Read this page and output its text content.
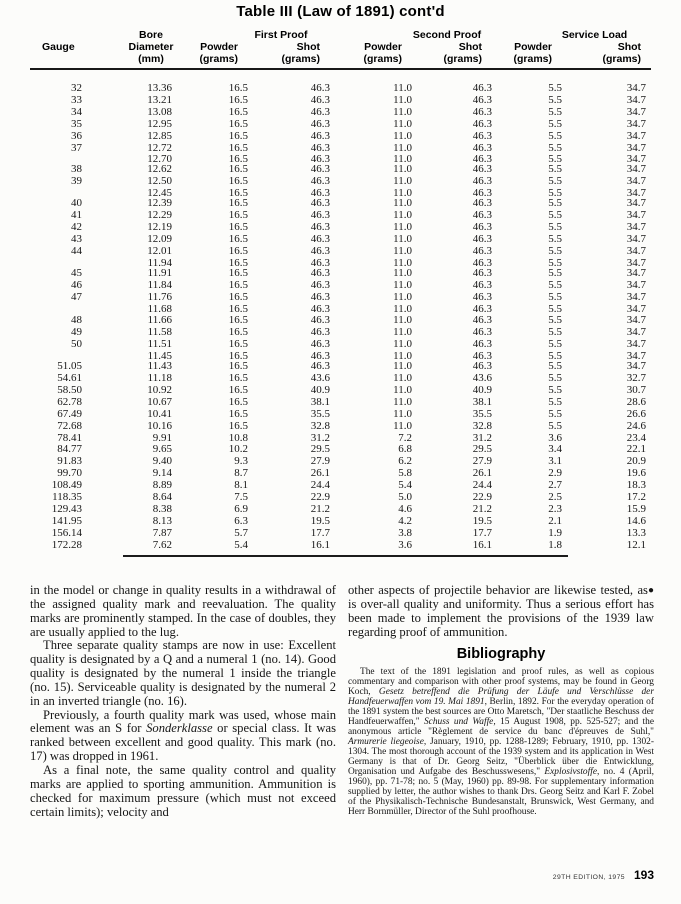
Table III (Law of 1891) cont'd
	Bore	First Proof	Second Proof	Service Load
Gauge	Diameter	Powder	Shot	Powder	Shot	Powder	Shot
	(mm)	(grams)	(grams)	(grams)	(grams)	(grams)	(grams)
32	13.36	16.5	46.3	11.0	46.3	5.5	34.7
33	13.21	16.5	46.3	11.0	46.3	5.5	34.7
34	13.08	16.5	46.3	11.0	46.3	5.5	34.7
35	12.95	16.5	46.3	11.0	46.3	5.5	34.7
36	12.85	16.5	46.3	11.0	46.3	5.5	34.7
37	12.72	16.5	46.3	11.0	46.3	5.5	34.7
	12.70	16.5	46.3	11.0	46.3	5.5	34.7
38	12.62	16.5	46.3	11.0	46.3	5.5	34.7
39	12.50	16.5	46.3	11.0	46.3	5.5	34.7
	12.45	16.5	46.3	11.0	46.3	5.5	34.7
40	12.39	16.5	46.3	11.0	46.3	5.5	34.7
41	12.29	16.5	46.3	11.0	46.3	5.5	34.7
42	12.19	16.5	46.3	11.0	46.3	5.5	34.7
43	12.09	16.5	46.3	11.0	46.3	5.5	34.7
44	12.01	16.5	46.3	11.0	46.3	5.5	34.7
	11.94	16.5	46.3	11.0	46.3	5.5	34.7
45	11.91	16.5	46.3	11.0	46.3	5.5	34.7
46	11.84	16.5	46.3	11.0	46.3	5.5	34.7
47	11.76	16.5	46.3	11.0	46.3	5.5	34.7
	11.68	16.5	46.3	11.0	46.3	5.5	34.7
48	11.66	16.5	46.3	11.0	46.3	5.5	34.7
49	11.58	16.5	46.3	11.0	46.3	5.5	34.7
50	11.51	16.5	46.3	11.0	46.3	5.5	34.7
	11.45	16.5	46.3	11.0	46.3	5.5	34.7
51.05	11.43	16.5	46.3	11.0	46.3	5.5	34.7
54.61	11.18	16.5	43.6	11.0	43.6	5.5	32.7
58.50	10.92	16.5	40.9	11.0	40.9	5.5	30.7
62.78	10.67	16.5	38.1	11.0	38.1	5.5	28.6
67.49	10.41	16.5	35.5	11.0	35.5	5.5	26.6
72.68	10.16	16.5	32.8	11.0	32.8	5.5	24.6
78.41	9.91	10.8	31.2	7.2	31.2	3.6	23.4
84.77	9.65	10.2	29.5	6.8	29.5	3.4	22.1
91.83	9.40	9.3	27.9	6.2	27.9	3.1	20.9
99.70	9.14	8.7	26.1	5.8	26.1	2.9	19.6
108.49	8.89	8.1	24.4	5.4	24.4	2.7	18.3
118.35	8.64	7.5	22.9	5.0	22.9	2.5	17.2
129.43	8.38	6.9	21.2	4.6	21.2	2.3	15.9
141.95	8.13	6.3	19.5	4.2	19.5	2.1	14.6
156.14	7.87	5.7	17.7	3.8	17.7	1.9	13.3
172.28	7.62	5.4	16.1	3.6	16.1	1.8	12.1

in the model or change in quality results in a withdrawal of the assigned quality mark and reevaluation. The quality marks are prominently stamped. In the case of doubles, they are usually applied to the lug.

Three separate quality stamps are now in use: Excellent quality is designated by a Q and a numeral 1 (no. 14). Good quality is designated by the numeral 1 inside the triangle (no. 15). Serviceable quality is designated by the numeral 2 in an inverted triangle (no. 16).

Previously, a fourth quality mark was used, whose main element was an S for Sonderklasse or special class. It was ranked between excellent and good quality. This mark (no. 17) was dropped in 1961.

As a final note, the same quality control and quality marks are applied to sporting ammunition. Ammunition is checked for maximum pressure (which must not exceed certain limits); velocity and

●
other aspects of projectile behavior are likewise tested, as is over-all quality and uniformity. Thus a serious effort has been made to implement the provisions of the 1939 law regarding proof of ammunition.

Bibliography

The text of the 1891 legislation and proof rules, as well as copious commentary and comparison with other proof systems, may be found in Georg Koch, Gesetz betreffend die Prüfung der Läufe und Verschlüsse der Handfeuerwaffen vom 19. Mai 1891, Berlin, 1892. For the everyday operation of the 1891 system the best sources are Otto Maretsch, "Der staatliche Beschuss der Handfeuerwaffen," Schuss und Waffe, 15 August 1908, pp. 525-527; and the anonymous article "Règlement de service du banc d'épreuves de Suhl," Armurerie liegeoise, January, 1910, pp. 1288-1289; February, 1910, pp. 1302-1304. The most thorough account of the 1939 system and its application in West Germany is that of Dr. Georg Seitz, "Überblick über die Entwicklung, Organisation und Aufgabe des Beschusswesens," Explosivstoffe, no. 4 (April, 1960), pp. 71-78; no. 5 (May, 1960) pp. 89-98. For supplementary information supplied by letter, the author wishes to thank Drs. Georg Seitz and Karl F. Zobel of the Physikalisch-Technische Bundesanstalt, Brunswick, West Germany, and Herr Bornmüller, Director of the Suhl proofhouse.

29TH EDITION, 1975 193
